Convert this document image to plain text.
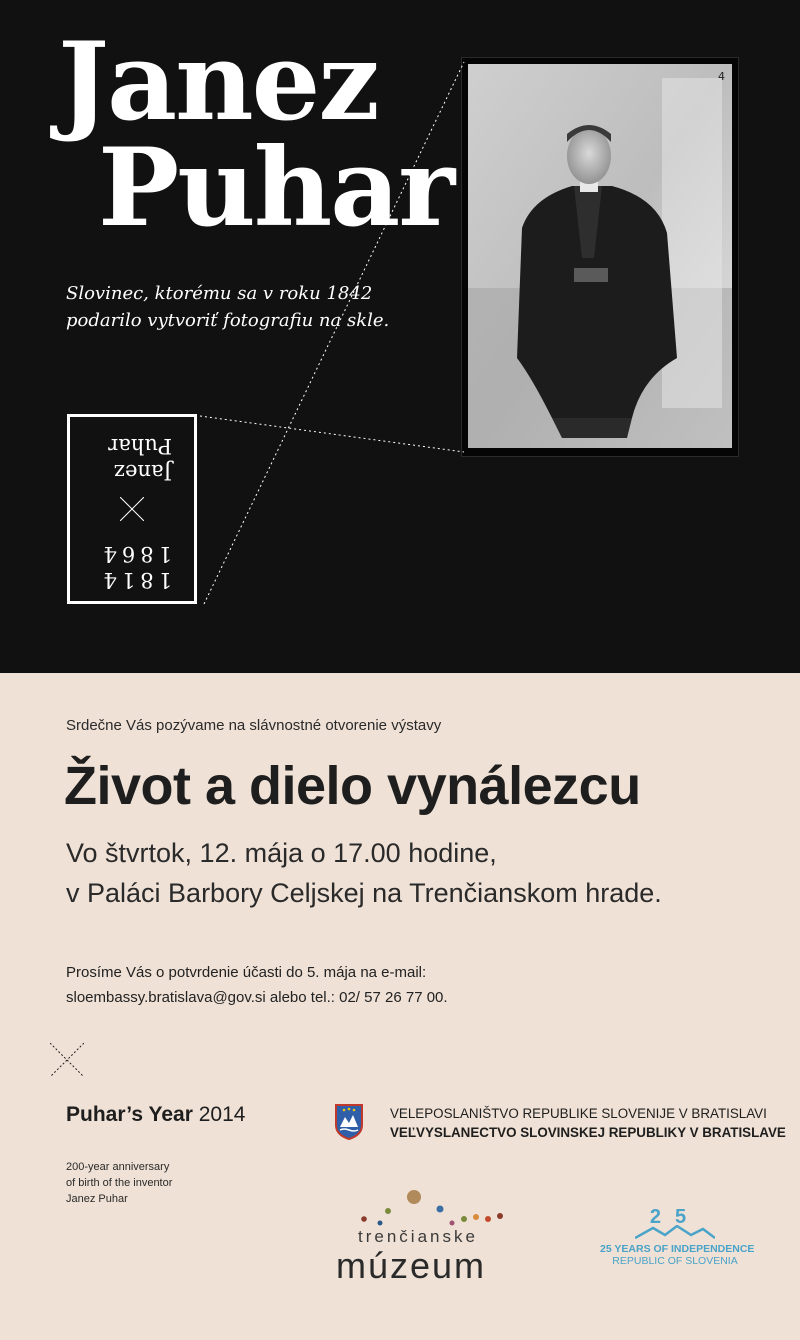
Janez
Puhar
Slovinec, ktorému sa v roku 1842
podarilo vytvoriť fotografiu na skle.
4
1814
1864
Janez
Puhar
Srdečne Vás pozývame na slávnostné otvorenie výstavy
Život a dielo vynálezcu
Vo štvrtok, 12. mája o 17.00 hodine,
v Paláci Barbory Celjskej na Trenčianskom hrade.
Prosíme Vás o potvrdenie účasti do 5. mája na e-mail:
sloembassy.bratislava@gov.si alebo tel.: 02/ 57 26 77 00.
Puhar’s Year 2014
200-year anniversary
of birth of the inventor
Janez Puhar
VELEPOSLANIŠTVO REPUBLIKE SLOVENIJE V BRATISLAVI
VEĽVYSLANECTVO SLOVINSKEJ REPUBLIKY V BRATISLAVE
trenčianske
múzeum
25
25 YEARS OF INDEPENDENCE
REPUBLIC OF SLOVENIA
